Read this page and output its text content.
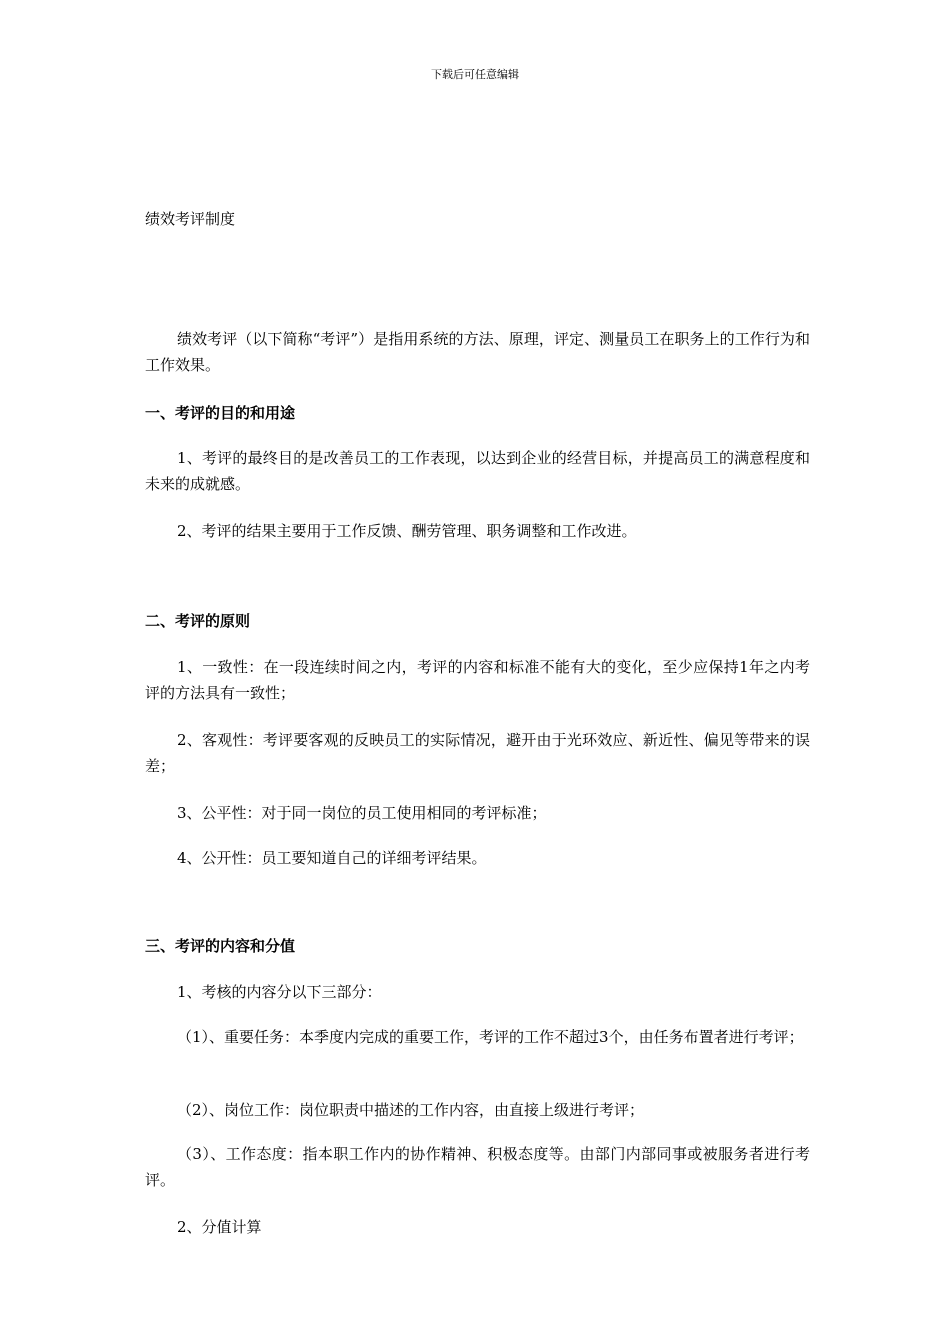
下载后可任意编辑
绩效考评制度
绩效考评（以下简称“考评”）是指用系统的方法、原理，评定、测量员工在职务上的工作行为和工作效果。
一、考评的目的和用途
1、考评的最终目的是改善员工的工作表现，以达到企业的经营目标，并提高员工的满意程度和未来的成就感。
2、考评的结果主要用于工作反馈、酬劳管理、职务调整和工作改进。
二、考评的原则
1、一致性：在一段连续时间之内，考评的内容和标准不能有大的变化，至少应保持1年之内考评的方法具有一致性；
2、客观性：考评要客观的反映员工的实际情况，避开由于光环效应、新近性、偏见等带来的误差；
3、公平性：对于同一岗位的员工使用相同的考评标准；
4、公开性：员工要知道自己的详细考评结果。
三、考评的内容和分值
1、考核的内容分以下三部分：
（1）、重要任务：本季度内完成的重要工作，考评的工作不超过3个，由任务布置者进行考评；
（2）、岗位工作：岗位职责中描述的工作内容，由直接上级进行考评；
（3）、工作态度：指本职工作内的协作精神、积极态度等。由部门内部同事或被服务者进行考评。
2、分值计算
